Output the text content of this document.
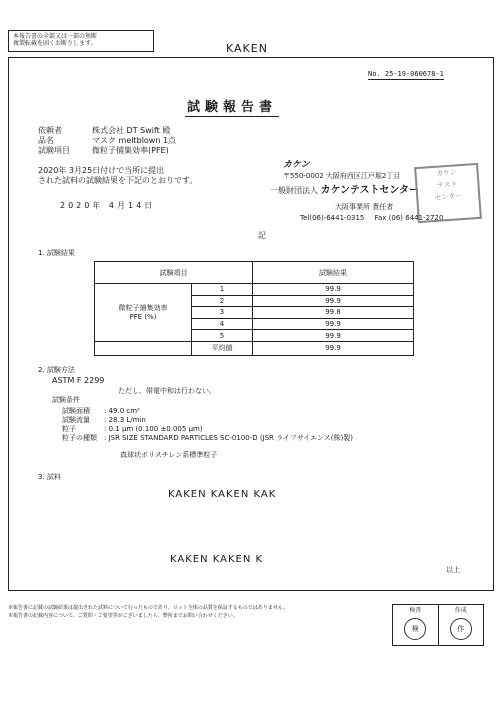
本報告書の全部又は一部の無断
複製転載を固くお断りします。	KAKEN
No. 25-19-060678-1
試験報告書
依頼者	株式会社 DT Swift 殿
品名	マスク meltblown 1点
試験項目	微粒子捕集効率(PFE)
2020年 3月25日付けで当所に提出
された試料の試験結果を下記のとおりです。
カケン
〒550-0002 大阪府西区江戸堀2丁目
一般財団法人 カケンテストセンター
大阪事業所 責任者
Tel(06)-6441-0315 Fax (06) 6441-2720
カケン
テスト
センター
2020年 4月14日
記
1. 試験結果
試験項目		試験結果

微粒子捕集効率
PFE (%)	1	99.9
	2	99.9
	3	99.8
	4	99.9
	5	99.9
	平均値	99.9
2. 試験方法
ASTM F 2299
ただし、帯電中和は行わない。
試験条件
試験面積	: 49.0 cm²
試験流量	: 28.3 L/min
粒子	: 0.1 μm (0.100 ±0.005 μm)
粒子の種類 : JSR SIZE STANDARD PARTICLES SC-0100-D (JSR ライフサイエンス(株)製)
真球状ポリスチレン系標準粒子
3. 試料
KAKEN KAKEN KAK
KAKEN KAKEN K
以上
本報告書に記載の試験結果は提出された試料について行ったものであり、ロット全体の品質を保証するものではありません。
本報告書の記載内容について、ご質問・ご要望等がございましたら、弊所までお問い合わせください。
検査
検
作成
作
